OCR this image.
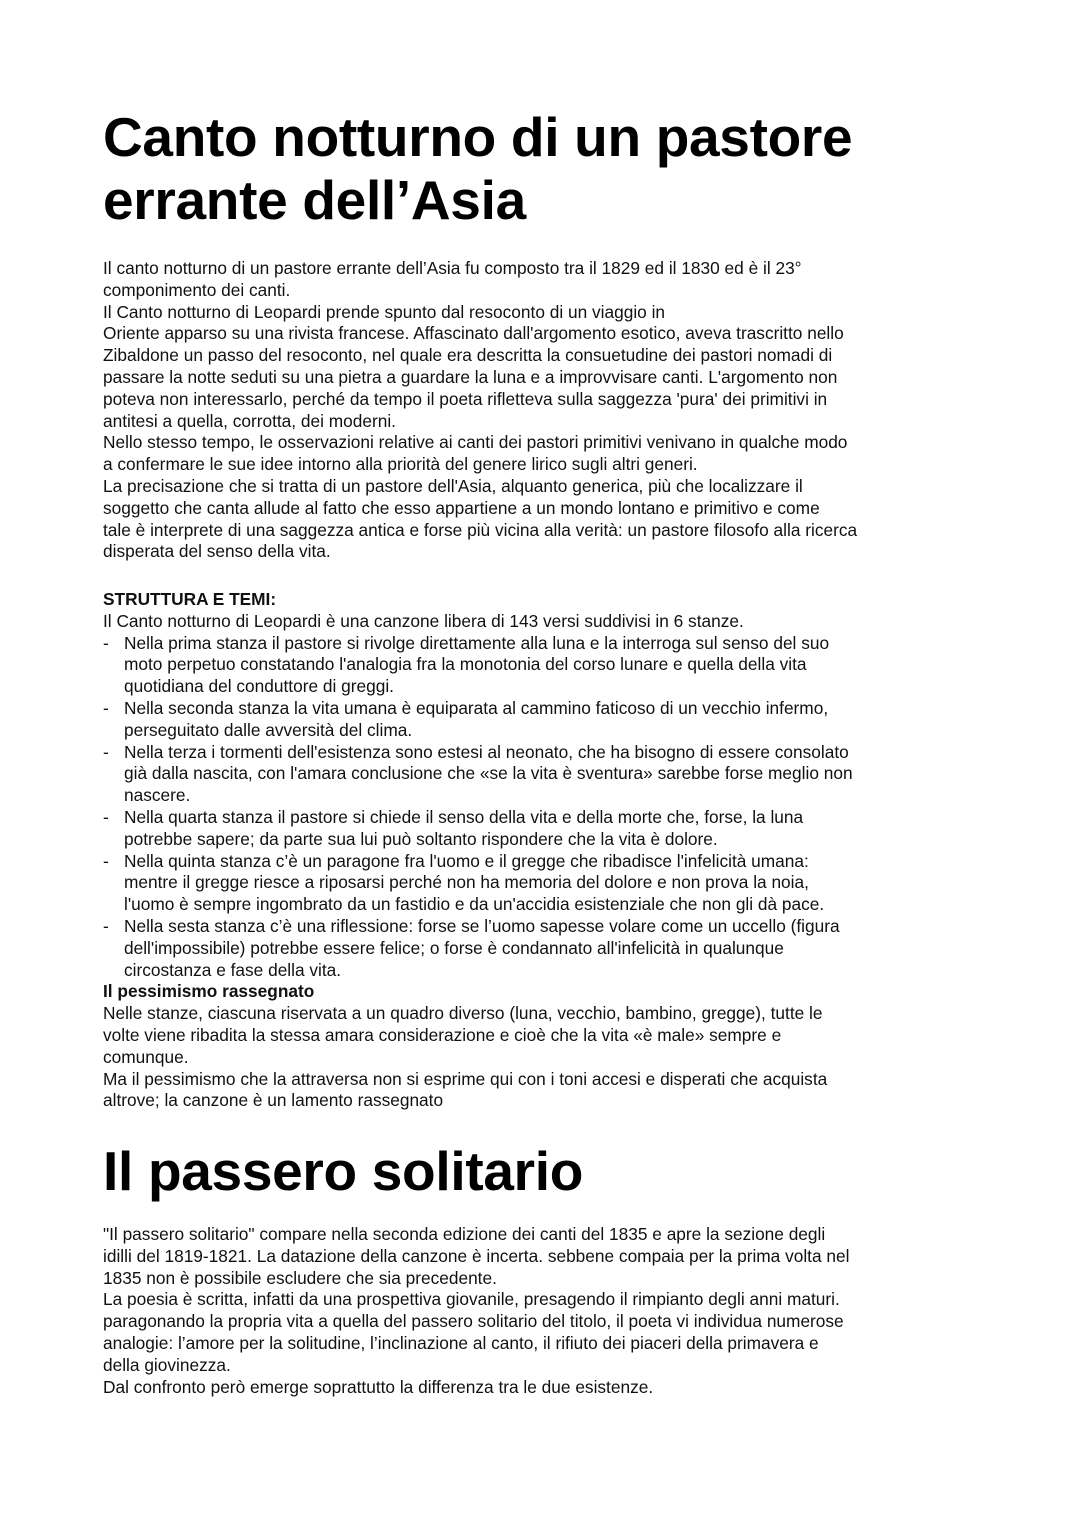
Canto notturno di un pastore
errante dell’Asia
Il canto notturno di un pastore errante dell’Asia fu composto tra il 1829 ed il 1830 ed è il 23°
componimento dei canti.
Il Canto notturno di Leopardi prende spunto dal resoconto di un viaggio in
Oriente apparso su una rivista francese. Affascinato dall'argomento esotico, aveva trascritto nello
Zibaldone un passo del resoconto, nel quale era descritta la consuetudine dei pastori nomadi di
passare la notte seduti su una pietra a guardare la luna e a improvvisare canti. L'argomento non
poteva non interessarlo, perché da tempo il poeta rifletteva sulla saggezza 'pura' dei primitivi in
antitesi a quella, corrotta, dei moderni.
Nello stesso tempo, le osservazioni relative ai canti dei pastori primitivi venivano in qualche modo
a confermare le sue idee intorno alla priorità del genere lirico sugli altri generi.
La precisazione che si tratta di un pastore dell'Asia, alquanto generica, più che localizzare il
soggetto che canta allude al fatto che esso appartiene a un mondo lontano e primitivo e come
tale è interprete di una saggezza antica e forse più vicina alla verità: un pastore filosofo alla ricerca
disperata del senso della vita.
STRUTTURA E TEMI:
Il Canto notturno di Leopardi è una canzone libera di 143 versi suddivisi in 6 stanze.
- Nella prima stanza il pastore si rivolge direttamente alla luna e la interroga sul senso del suo
moto perpetuo constatando l'analogia fra la monotonia del corso lunare e quella della vita
quotidiana del conduttore di greggi.
- Nella seconda stanza la vita umana è equiparata al cammino faticoso di un vecchio infermo,
perseguitato dalle avversità del clima.
- Nella terza i tormenti dell'esistenza sono estesi al neonato, che ha bisogno di essere consolato
già dalla nascita, con l'amara conclusione che «se la vita è sventura» sarebbe forse meglio non
nascere.
- Nella quarta stanza il pastore si chiede il senso della vita e della morte che, forse, la luna
potrebbe sapere; da parte sua lui può soltanto rispondere che la vita è dolore.
- Nella quinta stanza c’è un paragone fra l'uomo e il gregge che ribadisce l'infelicità umana:
mentre il gregge riesce a riposarsi perché non ha memoria del dolore e non prova la noia,
l'uomo è sempre ingombrato da un fastidio e da un'accidia esistenziale che non gli dà pace.
- Nella sesta stanza c’è una riflessione: forse se l’uomo sapesse volare come un uccello (figura
dell'impossibile) potrebbe essere felice; o forse è condannato all'infelicità in qualunque
circostanza e fase della vita.
Il pessimismo rassegnato
Nelle stanze, ciascuna riservata a un quadro diverso (luna, vecchio, bambino, gregge), tutte le
volte viene ribadita la stessa amara considerazione e cioè che la vita «è male» sempre e
comunque.
Ma il pessimismo che la attraversa non si esprime qui con i toni accesi e disperati che acquista
altrove; la canzone è un lamento rassegnato
Il passero solitario
"Il passero solitario" compare nella seconda edizione dei canti del 1835 e apre la sezione degli
idilli del 1819-1821. La datazione della canzone è incerta. sebbene compaia per la prima volta nel
1835 non è possibile escludere che sia precedente.
La poesia è scritta, infatti da una prospettiva giovanile, presagendo il rimpianto degli anni maturi.
paragonando la propria vita a quella del passero solitario del titolo, il poeta vi individua numerose
analogie: l’amore per la solitudine, l’inclinazione al canto, il rifiuto dei piaceri della primavera e
della giovinezza.
Dal confronto però emerge soprattutto la differenza tra le due esistenze.
